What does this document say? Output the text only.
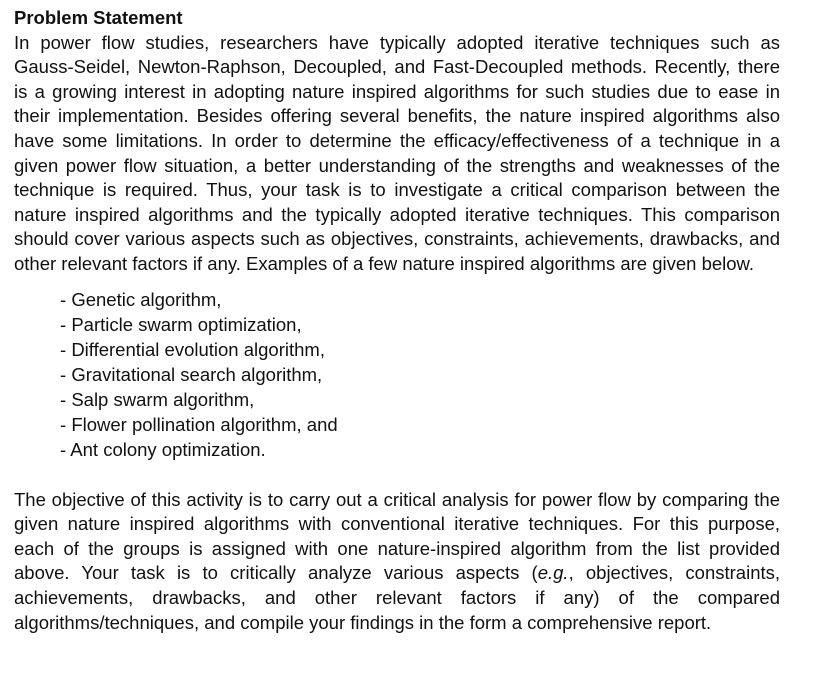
Problem Statement

In power flow studies, researchers have typically adopted iterative techniques such as Gauss-Seidel, Newton-Raphson, Decoupled, and Fast-Decoupled methods. Recently, there is a growing interest in adopting nature inspired algorithms for such studies due to ease in their implementation. Besides offering several benefits, the nature inspired algorithms also have some limitations. In order to determine the efficacy/effectiveness of a technique in a given power flow situation, a better understanding of the strengths and weaknesses of the technique is required. Thus, your task is to investigate a critical comparison between the nature inspired algorithms and the typically adopted iterative techniques. This comparison should cover various aspects such as objectives, constraints, achievements, drawbacks, and other relevant factors if any. Examples of a few nature inspired algorithms are given below.

- Genetic algorithm,
- Particle swarm optimization,
- Differential evolution algorithm,
- Gravitational search algorithm,
- Salp swarm algorithm,
- Flower pollination algorithm, and
- Ant colony optimization.

The objective of this activity is to carry out a critical analysis for power flow by comparing the given nature inspired algorithms with conventional iterative techniques. For this purpose, each of the groups is assigned with one nature-inspired algorithm from the list provided above. Your task is to critically analyze various aspects (e.g., objectives, constraints, achievements, drawbacks, and other relevant factors if any) of the compared algorithms/techniques, and compile your findings in the form a comprehensive report.
